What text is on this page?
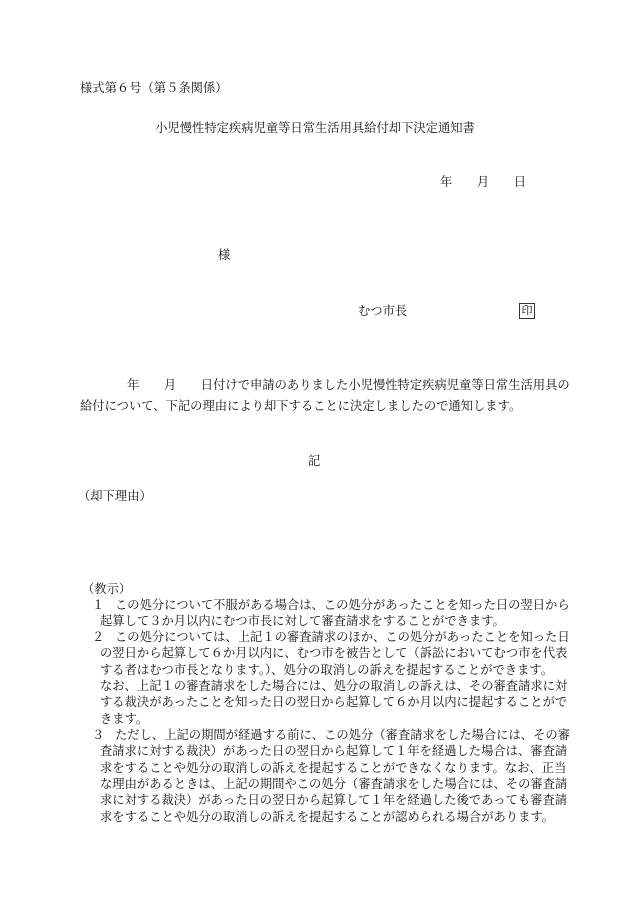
様式第６号（第５条関係）
小児慢性特定疾病児童等日常生活用具給付却下決定通知書
年　　月　　日
様
むつ市長	印
年　　月　　日付けで申請のありました小児慢性特定疾病児童等日常生活用具の
給付について、下記の理由により却下することに決定しましたので通知します。
記
（却下理由）
（教示）
１ この処分について不服がある場合は、この処分があったことを知った日の翌日から
起算して３か月以内にむつ市長に対して審査請求をすることができます。
２ この処分については、上記１の審査請求のほか、この処分があったことを知った日
の翌日から起算して６か月以内に、むつ市を被告として（訴訟においてむつ市を代表
する者はむつ市長となります。）、処分の取消しの訴えを提起することができます。
なお、上記１の審査請求をした場合には、処分の取消しの訴えは、その審査請求に対
する裁決があったことを知った日の翌日から起算して６か月以内に提起することがで
きます。
３ ただし、上記の期間が経過する前に、この処分（審査請求をした場合には、その審
査請求に対する裁決）があった日の翌日から起算して１年を経過した場合は、審査請
求をすることや処分の取消しの訴えを提起することができなくなります。なお、正当
な理由があるときは、上記の期間やこの処分（審査請求をした場合には、その審査請
求に対する裁決）があった日の翌日から起算して１年を経過した後であっても審査請
求をすることや処分の取消しの訴えを提起することが認められる場合があります。
